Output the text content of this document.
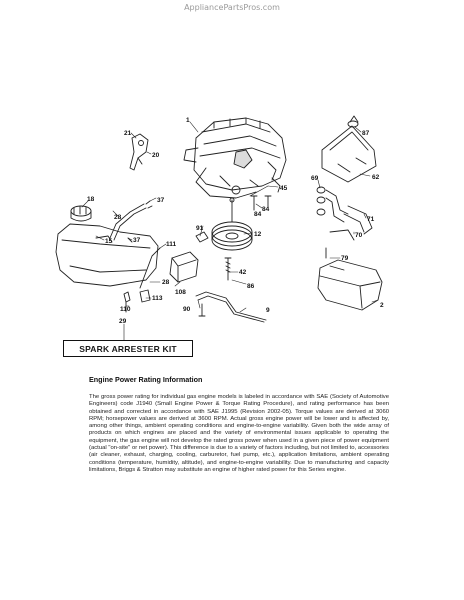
AppliancePartsPros.com
1
2
9
12
15
18
20
21
28
28
29
37
37
42
45
62
69
70
71
79
84
84
86
87
90
91
108
110
111
113
SPARK ARRESTER KIT
Engine Power Rating Information
The gross power rating for individual gas engine models is labeled in accordance with SAE (Society of Automotive Engineers) code J1940 (Small Engine Power & Torque Rating Procedure), and rating performance has been obtained and corrected in accordance with SAE J1995 (Revision 2002-05). Torque values are derived at 3060 RPM; horsepower values are derived at 3600 RPM. Actual gross engine power will be lower and is affected by, among other things, ambient operating conditions and engine-to-engine variability. Given both the wide array of products on which engines are placed and the variety of environmental issues applicable to operating the equipment, the gas engine will not develop the rated gross power when used in a given piece of power equipment (actual "on-site" or net power). This difference is due to a variety of factors including, but not limited to, accessories (air cleaner, exhaust, charging, cooling, carburetor, fuel pump, etc.), application limitations, ambient operating conditions (temperature, humidity, altitude), and engine-to-engine variability. Due to manufacturing and capacity limitations, Briggs & Stratton may substitute an engine of higher rated power for this Series engine.
